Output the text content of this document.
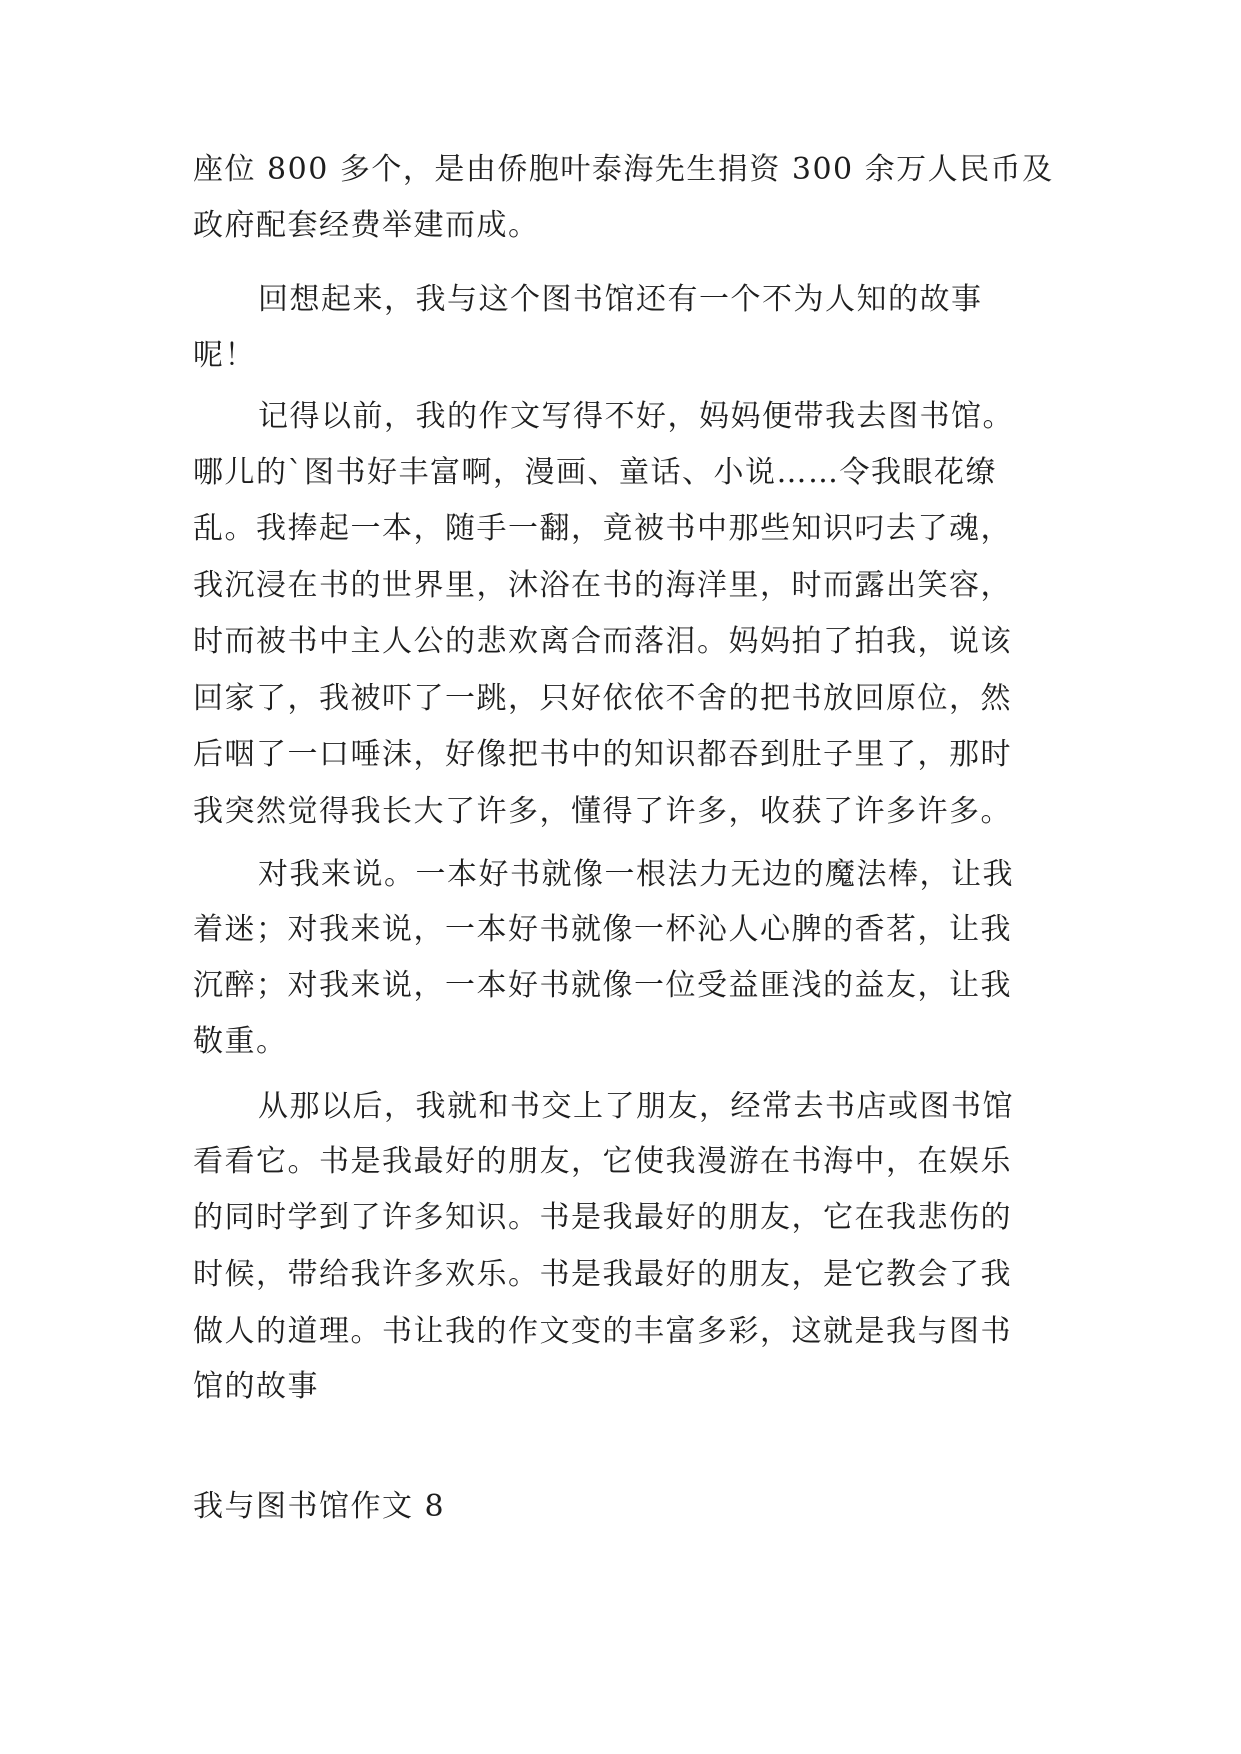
座位 800 多个，是由侨胞叶泰海先生捐资 300 余万人民币及
政府配套经费举建而成。
回想起来，我与这个图书馆还有一个不为人知的故事
呢！
记得以前，我的作文写得不好，妈妈便带我去图书馆。
哪儿的`图书好丰富啊，漫画、童话、小说……令我眼花缭
乱。我捧起一本，随手一翻，竟被书中那些知识叼去了魂，
我沉浸在书的世界里，沐浴在书的海洋里，时而露出笑容，
时而被书中主人公的悲欢离合而落泪。妈妈拍了拍我，说该
回家了，我被吓了一跳，只好依依不舍的把书放回原位，然
后咽了一口唾沫，好像把书中的知识都吞到肚子里了，那时
我突然觉得我长大了许多，懂得了许多，收获了许多许多。
对我来说。一本好书就像一根法力无边的魔法棒，让我
着迷；对我来说，一本好书就像一杯沁人心脾的香茗，让我
沉醉；对我来说，一本好书就像一位受益匪浅的益友，让我
敬重。
从那以后，我就和书交上了朋友，经常去书店或图书馆
看看它。书是我最好的朋友，它使我漫游在书海中，在娱乐
的同时学到了许多知识。书是我最好的朋友，它在我悲伤的
时候，带给我许多欢乐。书是我最好的朋友，是它教会了我
做人的道理。书让我的作文变的丰富多彩，这就是我与图书
馆的故事
我与图书馆作文 8
